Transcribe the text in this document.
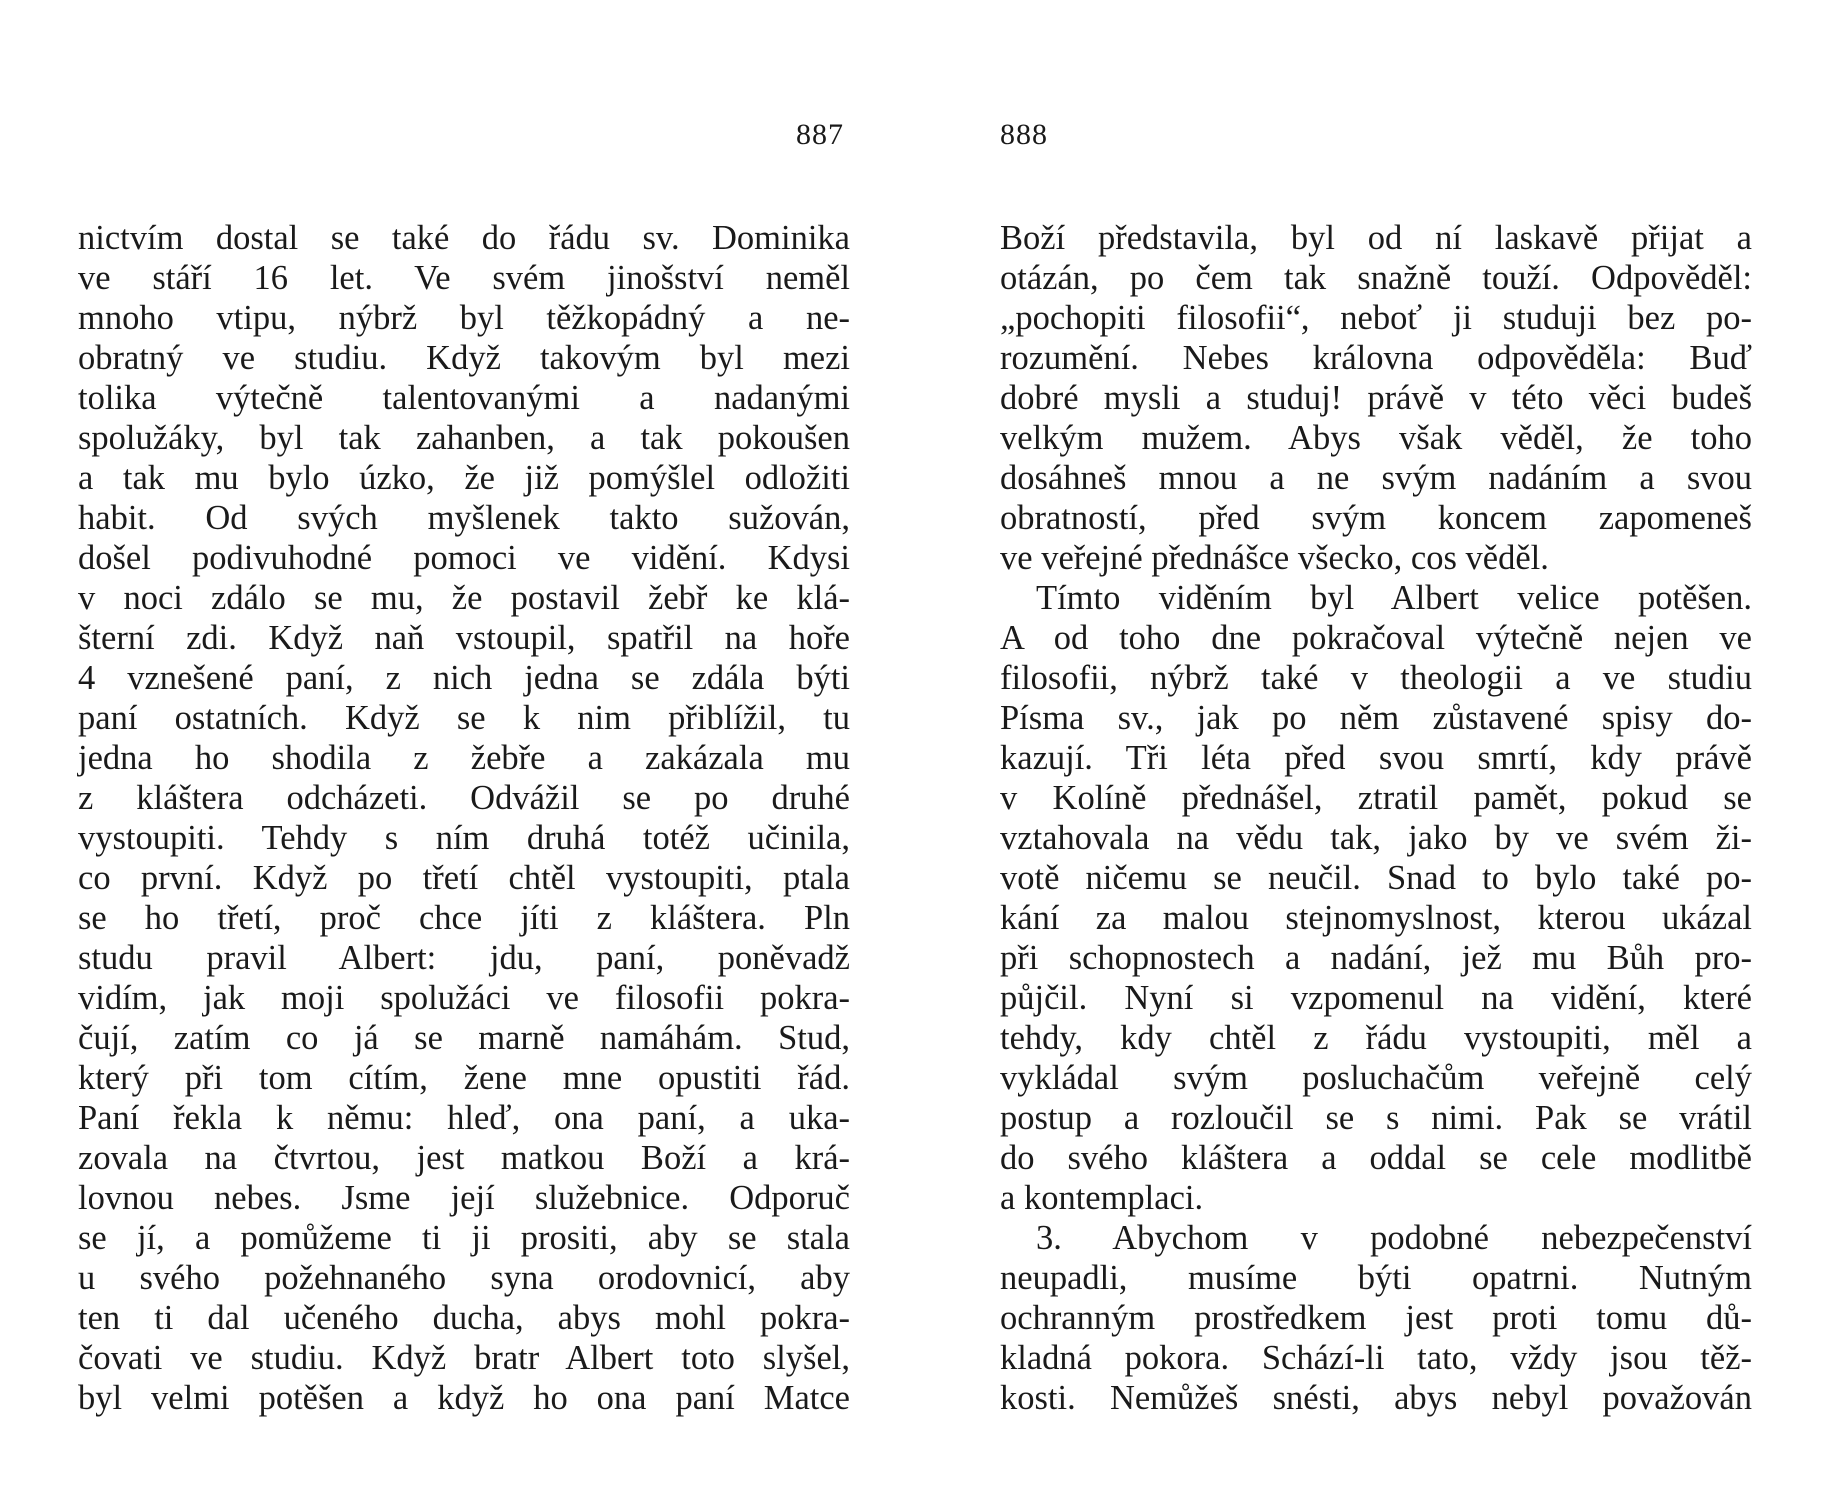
887
nictvím dostal se také do řádu sv. Dominika
ve stáří 16 let. Ve svém jinošství neměl
mnoho vtipu, nýbrž byl těžkopádný a ne-
obratný ve studiu. Když takovým byl mezi
tolika výtečně talentovanými a nadanými
spolužáky, byl tak zahanben, a tak pokoušen
a tak mu bylo úzko, že již pomýšlel odložiti
habit. Od svých myšlenek takto sužován,
došel podivuhodné pomoci ve vidění. Kdysi
v noci zdálo se mu, že postavil žebř ke klá-
šterní zdi. Když naň vstoupil, spatřil na hoře
4 vznešené paní, z nich jedna se zdála býti
paní ostatních. Když se k nim přiblížil, tu
jedna ho shodila z žebře a zakázala mu
z kláštera odcházeti. Odvážil se po druhé
vystoupiti. Tehdy s ním druhá totéž učinila,
co první. Když po třetí chtěl vystoupiti, ptala
se ho třetí, proč chce jíti z kláštera. Pln
studu pravil Albert: jdu, paní, poněvadž
vidím, jak moji spolužáci ve filosofii pokra-
čují, zatím co já se marně namáhám. Stud,
který při tom cítím, žene mne opustiti řád.
Paní řekla k němu: hleď, ona paní, a uka-
zovala na čtvrtou, jest matkou Boží a krá-
lovnou nebes. Jsme její služebnice. Odporuč
se jí, a pomůžeme ti ji prositi, aby se stala
u svého požehnaného syna orodovnicí, aby
ten ti dal učeného ducha, abys mohl pokra-
čovati ve studiu. Když bratr Albert toto slyšel,
byl velmi potěšen a když ho ona paní Matce
888
Boží představila, byl od ní laskavě přijat a
otázán, po čem tak snažně touží. Odpověděl:
„pochopiti filosofii“, neboť ji studuji bez po-
rozumění. Nebes královna odpověděla: Buď
dobré mysli a studuj! právě v této věci budeš
velkým mužem. Abys však věděl, že toho
dosáhneš mnou a ne svým nadáním a svou
obratností, před svým koncem zapomeneš
ve veřejné přednášce všecko, cos věděl.
Tímto viděním byl Albert velice potěšen.
A od toho dne pokračoval výtečně nejen ve
filosofii, nýbrž také v theologii a ve studiu
Písma sv., jak po něm zůstavené spisy do-
kazují. Tři léta před svou smrtí, kdy právě
v Kolíně přednášel, ztratil pamět, pokud se
vztahovala na vědu tak, jako by ve svém ži-
votě ničemu se neučil. Snad to bylo také po-
kání za malou stejnomyslnost, kterou ukázal
při schopnostech a nadání, jež mu Bůh pro-
půjčil. Nyní si vzpomenul na vidění, které
tehdy, kdy chtěl z řádu vystoupiti, měl a
vykládal svým posluchačům veřejně celý
postup a rozloučil se s nimi. Pak se vrátil
do svého kláštera a oddal se cele modlitbě
a kontemplaci.
3. Abychom v podobné nebezpečenství
neupadli, musíme býti opatrni. Nutným
ochranným prostředkem jest proti tomu dů-
kladná pokora. Schází-li tato, vždy jsou těž-
kosti. Nemůžeš snésti, abys nebyl považován
